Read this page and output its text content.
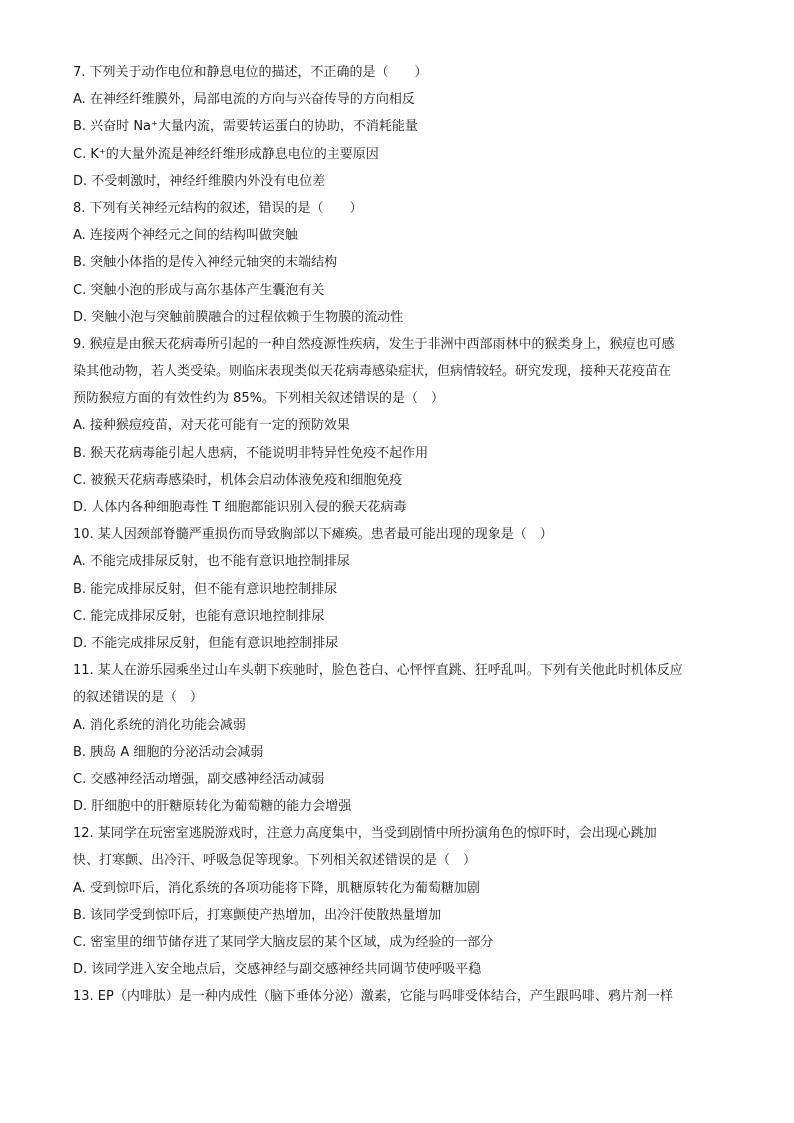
7. 下列关于动作电位和静息电位的描述，不正确的是（　　）
A. 在神经纤维膜外，局部电流的方向与兴奋传导的方向相反
B. 兴奋时 Na⁺大量内流，需要转运蛋白的协助，不消耗能量
C. K⁺的大量外流是神经纤维形成静息电位的主要原因
D. 不受刺激时，神经纤维膜内外没有电位差
8. 下列有关神经元结构的叙述，错误的是（　　）
A. 连接两个神经元之间的结构叫做突触
B. 突触小体指的是传入神经元轴突的末端结构
C. 突触小泡的形成与高尔基体产生囊泡有关
D. 突触小泡与突触前膜融合的过程依赖于生物膜的流动性
9. 猴痘是由猴天花病毒所引起的一种自然疫源性疾病，发生于非洲中西部雨林中的猴类身上，猴痘也可感
染其他动物，若人类受染。则临床表现类似天花病毒感染症状，但病情较轻。研究发现，接种天花疫苗在
预防猴痘方面的有效性约为 85%。下列相关叙述错误的是（　）
A. 接种猴痘疫苗，对天花可能有一定的预防效果
B. 猴天花病毒能引起人患病，不能说明非特异性免疫不起作用
C. 被猴天花病毒感染时，机体会启动体液免疫和细胞免疫
D. 人体内各种细胞毒性 T 细胞都能识别入侵的猴天花病毒
10. 某人因颈部脊髓严重损伤而导致胸部以下瘫痪。患者最可能出现的现象是（　）
A. 不能完成排尿反射，也不能有意识地控制排尿
B. 能完成排尿反射，但不能有意识地控制排尿
C. 能完成排尿反射，也能有意识地控制排尿
D. 不能完成排尿反射，但能有意识地控制排尿
11. 某人在游乐园乘坐过山车头朝下疾驰时，脸色苍白、心怦怦直跳、狂呼乱叫。下列有关他此时机体反应
的叙述错误的是（　）
A. 消化系统的消化功能会减弱
B. 胰岛 A 细胞的分泌活动会减弱
C. 交感神经活动增强，副交感神经活动减弱
D. 肝细胞中的肝糖原转化为葡萄糖的能力会增强
12. 某同学在玩密室逃脱游戏时，注意力高度集中，当受到剧情中所扮演角色的惊吓时，会出现心跳加
快、打寒颤、出冷汗、呼吸急促等现象。下列相关叙述错误的是（　）
A. 受到惊吓后，消化系统的各项功能将下降，肌糖原转化为葡萄糖加剧
B. 该同学受到惊吓后，打寒颤使产热增加，出冷汗使散热量增加
C. 密室里的细节储存进了某同学大脑皮层的某个区域，成为经验的一部分
D. 该同学进入安全地点后，交感神经与副交感神经共同调节使呼吸平稳
13. EP（内啡肽）是一种内成性（脑下垂体分泌）激素，它能与吗啡受体结合，产生跟吗啡、鸦片剂一样
